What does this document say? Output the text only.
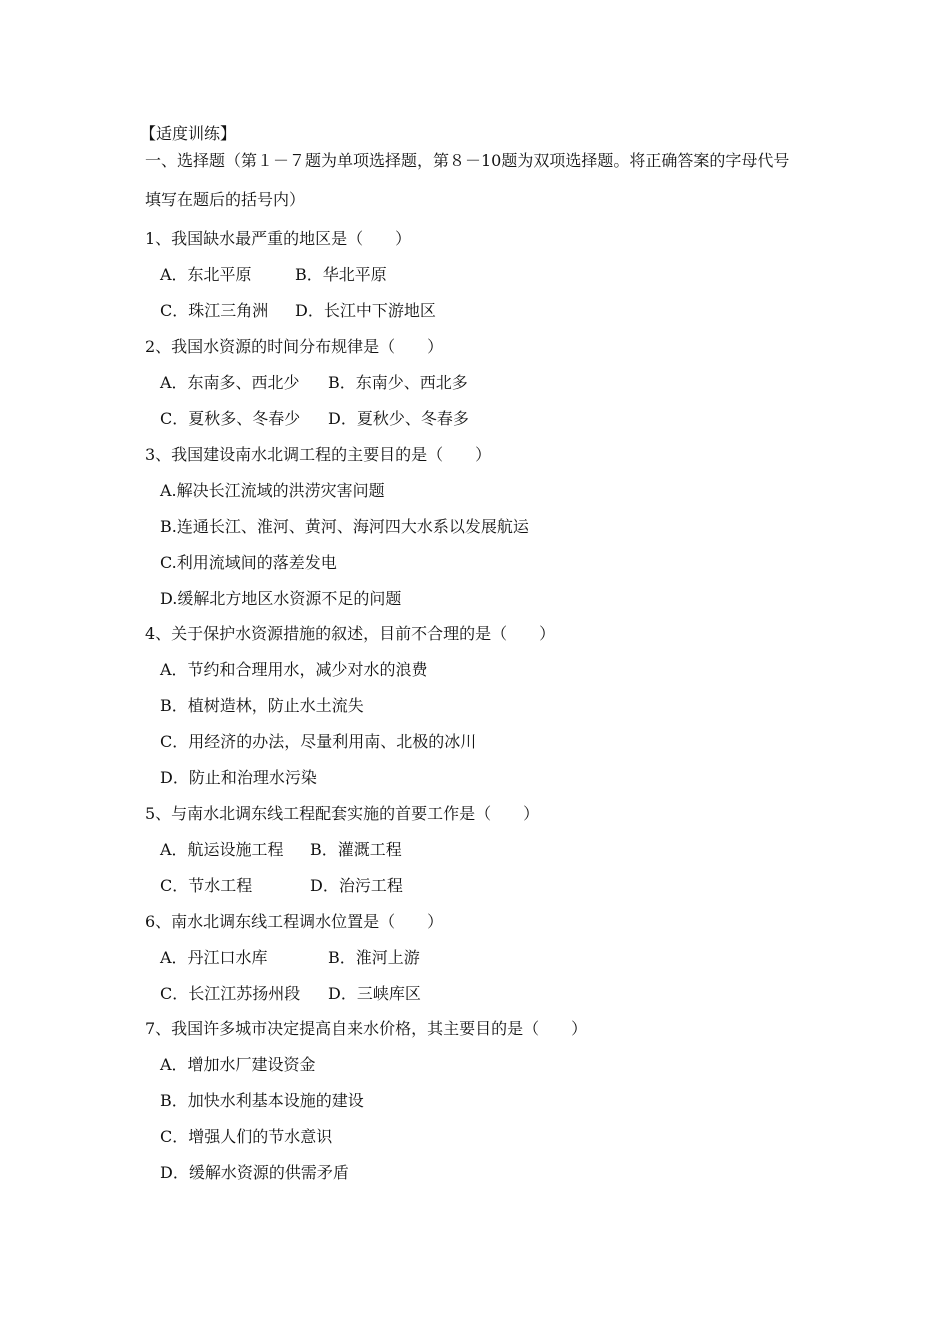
【适度训练】
一、选择题（第１－７题为单项选择题，第８－10题为双项选择题。将正确答案的字母代号
填写在题后的括号内）
1、我国缺水最严重的地区是（　　）
A．东北平原	B．华北平原
C．珠江三角洲 D．长江中下游地区
2、我国水资源的时间分布规律是（　　）
A．东南多、西北少 B．东南少、西北多
C．夏秋多、冬春少 D．夏秋少、冬春多
3、我国建设南水北调工程的主要目的是（　　）
A.解决长江流域的洪涝灾害问题
B.连通长江、淮河、黄河、海河四大水系以发展航运
C.利用流域间的落差发电
D.缓解北方地区水资源不足的问题
4、关于保护水资源措施的叙述，目前不合理的是（　　）
A．节约和合理用水，减少对水的浪费
B．植树造林，防止水土流失
C．用经济的办法，尽量利用南、北极的冰川
D．防止和治理水污染
5、与南水北调东线工程配套实施的首要工作是（　　）
A．航运设施工程 B．灌溉工程
C．节水工程	D．治污工程
6、南水北调东线工程调水位置是（　　）
A．丹江口水库	B．淮河上游
C．长江江苏扬州段 D．三峡库区
7、我国许多城市决定提高自来水价格，其主要目的是（　　）
A．增加水厂建设资金
B．加快水利基本设施的建设
C．增强人们的节水意识
D．缓解水资源的供需矛盾
